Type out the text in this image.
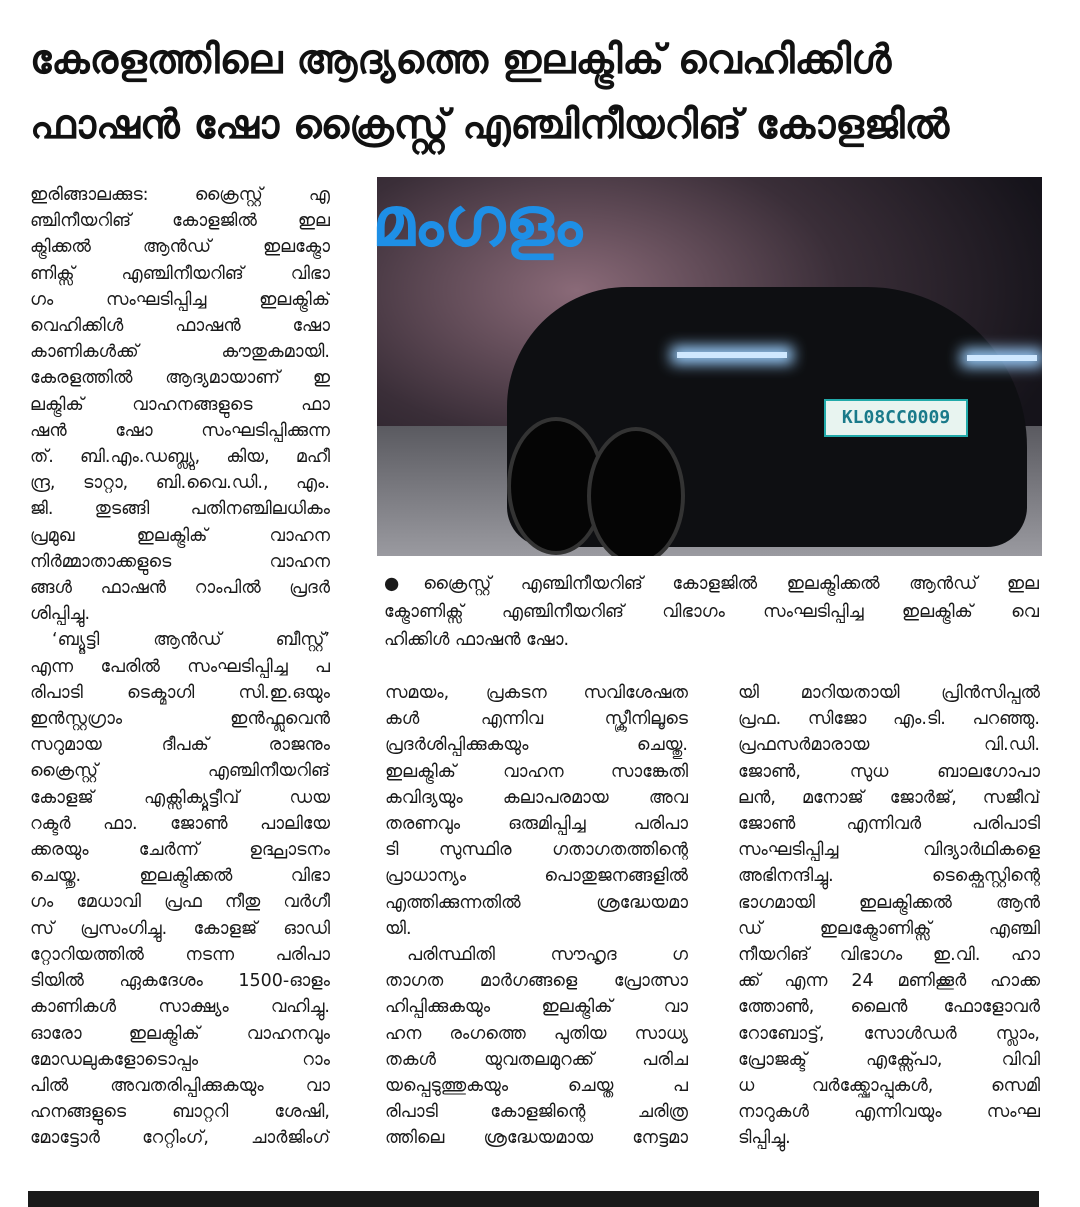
കേരളത്തിലെ ആദ്യത്തെ ഇലക്ട്രിക് വെഹിക്കിൾ
ഫാഷൻ ഷോ ക്രൈസ്റ്റ് എഞ്ചിനീയറിങ് കോളജിൽ
ഇരിങ്ങാലക്കുട: ക്രൈസ്റ്റ് എ
ഞ്ചിനീയറിങ് കോളജിൽ ഇല
ക്ട്രിക്കൽ ആൻഡ് ഇലക്ട്രോ
ണിക്സ് എഞ്ചിനീയറിങ് വിഭാ
ഗം സംഘടിപ്പിച്ച ഇലക്ട്രിക്
വെഹിക്കിൾ ഫാഷൻ ഷോ
കാണികൾക്ക് കൗതുകമായി.
കേരളത്തിൽ ആദ്യമായാണ് ഇ
ലക്ട്രിക് വാഹനങ്ങളുടെ ഫാ
ഷൻ ഷോ സംഘടിപ്പിക്കുന്ന
ത്. ബി.എം.ഡബ്ല്യു, കിയ, മഹീ
ന്ദ്ര, ടാറ്റാ, ബി.വൈ.ഡി., എം.
ജി. തുടങ്ങി പതിനഞ്ചിലധികം
പ്രമുഖ ഇലക്ട്രിക് വാഹന
നിർമ്മാതാക്കളുടെ വാഹന
ങ്ങൾ ഫാഷൻ റാംപിൽ പ്രദർ
ശിപ്പിച്ചു.
‘ബ്യൂട്ടി ആൻഡ് ബീസ്റ്റ്’
എന്ന പേരിൽ സംഘടിപ്പിച്ച പ
രിപാടി ടെക്മാഗി സി.ഇ.ഒയും
ഇൻസ്റ്റഗ്രാം ഇൻഫ്ലുവെൻ
സറുമായ ദീപക് രാജനും
ക്രൈസ്റ്റ് എഞ്ചിനീയറിങ്
കോളജ് എക്സിക്യൂട്ടീവ് ഡയ
റക്ടർ ഫാ. ജോൺ പാലിയേ
ക്കരയും ചേർന്ന് ഉദ്ഘാടനം
ചെയ്തു. ഇലക്ട്രിക്കൽ വിഭാ
ഗം മേധാവി പ്രഫ നീതു വർഗീ
സ് പ്രസംഗിച്ചു. കോളജ് ഓഡി
റ്റോറിയത്തിൽ നടന്ന പരിപാ
ടിയിൽ ഏകദേശം 1500-ഓളം
കാണികൾ സാക്ഷ്യം വഹിച്ചു.
ഓരോ ഇലക്ട്രിക് വാഹനവും
മോഡലുകളോടൊപ്പം റാം
പിൽ അവതരിപ്പിക്കുകയും വാ
ഹനങ്ങളുടെ ബാറ്ററി ശേഷി,
മോട്ടോർ റേറ്റിംഗ്, ചാർജിംഗ്
KL08CC0009
മംഗളം
●ക്രൈസ്റ്റ് എഞ്ചിനീയറിങ് കോളജിൽ ഇലക്ട്രിക്കൽ ആൻഡ് ഇല
ക്ട്രോണിക്സ് എഞ്ചിനീയറിങ് വിഭാഗം സംഘടിപ്പിച്ച ഇലക്ട്രിക് വെ
ഹിക്കിൾ ഫാഷൻ ഷോ.
സമയം, പ്രകടന സവിശേഷത
കൾ എന്നിവ സ്ക്രീനിലൂടെ
പ്രദർശിപ്പിക്കുകയും ചെയ്തു.
ഇലക്ട്രിക് വാഹന സാങ്കേതി
കവിദ്യയും കലാപരമായ അവ
തരണവും ഒരുമിപ്പിച്ച പരിപാ
ടി സുസ്ഥിര ഗതാഗതത്തിന്റെ
പ്രാധാന്യം പൊതുജനങ്ങളിൽ
എത്തിക്കുന്നതിൽ ശ്രദ്ധേയമാ
യി.
പരിസ്ഥിതി സൗഹൃദ ഗ
താഗത മാർഗങ്ങളെ പ്രോത്സാ
ഹിപ്പിക്കുകയും ഇലക്ട്രിക് വാ
ഹന രംഗത്തെ പുതിയ സാധ്യ
തകൾ യുവതലമുറക്ക് പരിച
യപ്പെടുത്തുകയും ചെയ്ത പ
രിപാടി കോളജിന്റെ ചരിത്ര
ത്തിലെ ശ്രദ്ധേയമായ നേട്ടമാ
യി മാറിയതായി പ്രിൻസിപ്പൽ
പ്രഫ. സിജോ എം.ടി. പറഞ്ഞു.
പ്രഫസർമാരായ വി.ഡി.
ജോൺ, സുധ ബാലഗോപാ
ലൻ, മനോജ് ജോർജ്, സജീവ്
ജോൺ എന്നിവർ പരിപാടി
സംഘടിപ്പിച്ച വിദ്യാർഥികളെ
അഭിനന്ദിച്ചു. ടെക്ഫെസ്റ്റിന്റെ
ഭാഗമായി ഇലക്ട്രിക്കൽ ആൻ
ഡ് ഇലക്ട്രോണിക്സ് എഞ്ചി
നീയറിങ് വിഭാഗം ഇ.വി. ഹാ
ക്ക് എന്ന 24 മണിക്കൂർ ഹാക്ക
ത്തോൺ, ലൈൻ ഫോളോവർ
റോബോട്ട്, സോൾഡർ സ്ലാം,
പ്രോജക്ട് എക്സ്പോ, വിവി
ധ വർക്ക്ഷോപ്പുകൾ, സെമി
നാറുകൾ എന്നിവയും സംഘ
ടിപ്പിച്ചു.
